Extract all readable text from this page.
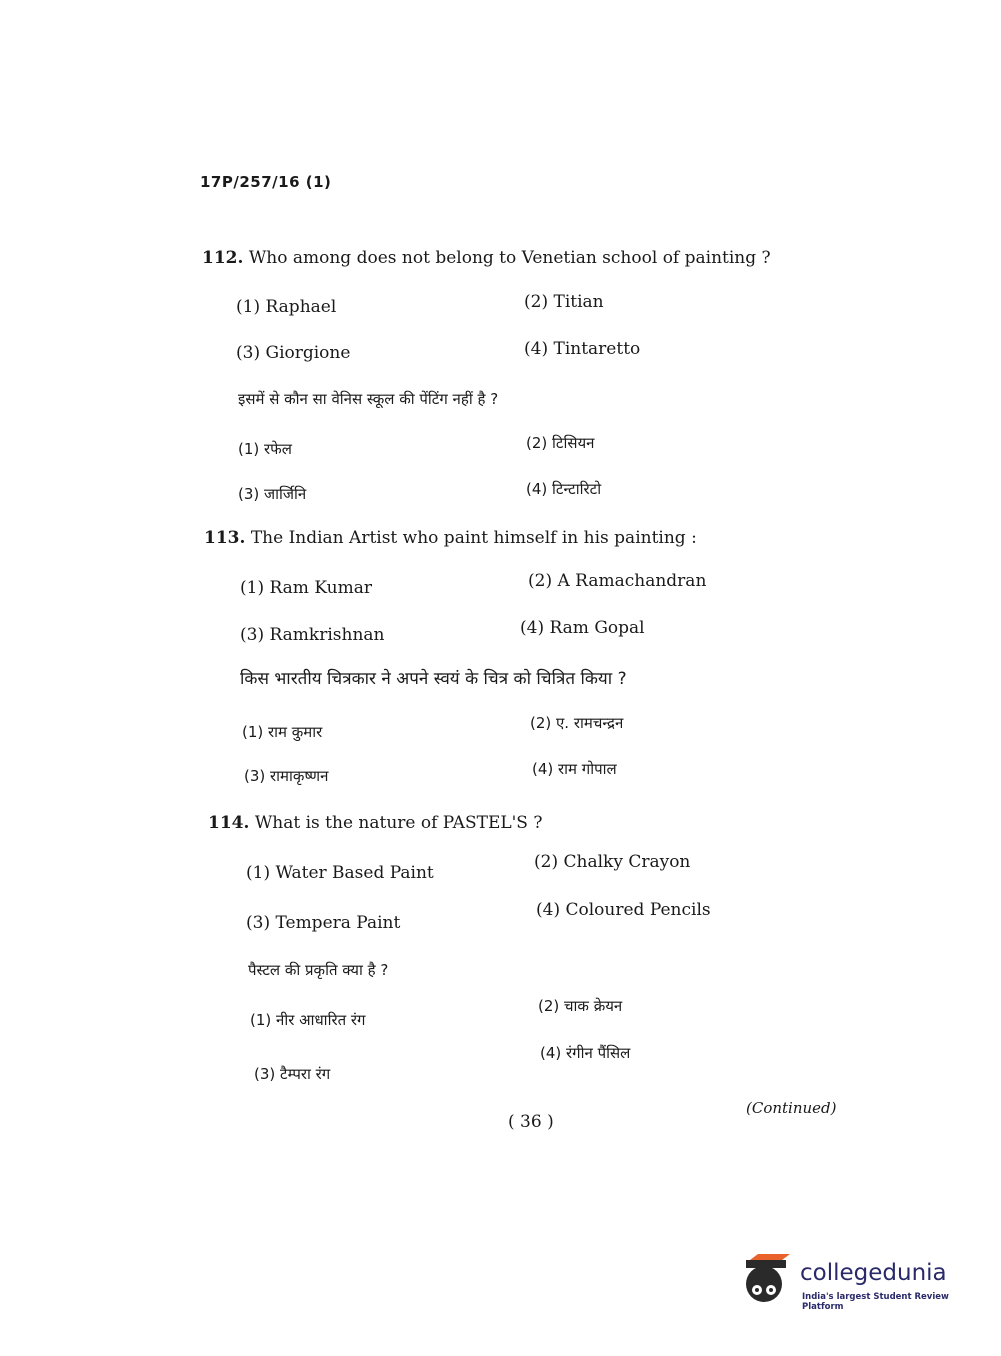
17P/257/16 (1)
112. Who among does not belong to Venetian school of painting ?
(1) Raphael	(2) Titian
(3) Giorgione	(4) Tintaretto
इसमें से कौन सा वेनिस स्कूल की पेंटिंग नहीं है ?
(1) रफेल	(2) टिसियन
(3) जार्जिनि	(4) टिन्टारिटो
113. The Indian Artist who paint himself in his painting :
(1) Ram Kumar	(2) A Ramachandran
(3) Ramkrishnan	(4) Ram Gopal
किस भारतीय चित्रकार ने अपने स्वयं के चित्र को चित्रित किया ?
(1) राम कुमार	(2) ए. रामचन्द्रन
(3) रामाकृष्णन	(4) राम गोपाल
114. What is the nature of PASTEL'S ?
(1) Water Based Paint
(2) Chalky Crayon
(3) Tempera Paint
(4) Coloured Pencils
पैस्टल की प्रकृति क्या है ?
(1) नीर आधारित रंग
(2) चाक क्रेयन
(3) टैम्परा रंग
(4) रंगीन पैंसिल
( 36 )
(Continued)
collegedunia
India's largest Student Review Platform
